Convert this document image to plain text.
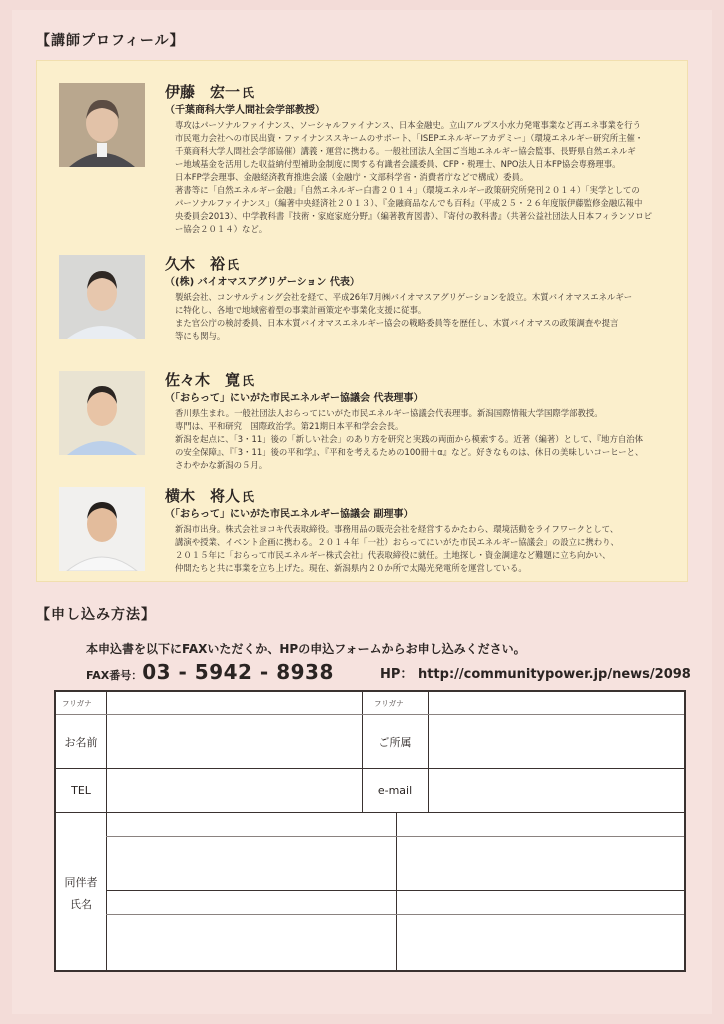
【講師プロフィール】
伊藤　宏一 氏
（千葉商科大学人間社会学部教授）

専攻はパーソナルファイナンス、ソーシャルファイナンス、日本金融史。立山アルプス小水力発電事業など再エネ事業を行う

市民電力会社への市民出資・ファイナンススキームのサポート、「ISEPエネルギーアカデミー」（環境エネルギー研究所主催・

千葉商科大学人間社会学部協催）講義・運営に携わる。一般社団法人全国ご当地エネルギー協会監事、長野県自然エネルギ

ー地域基金を活用した収益納付型補助金制度に関する有識者会議委員、CFP・税理士、NPO法人日本FP協会専務理事。

日本FP学会理事、金融経済教育推進会議（金融庁・文部科学省・消費者庁などで構成）委員。

著書等に「自然エネルギー金融」「自然エネルギー白書２０１４」（環境エネルギー政策研究所発刊２０１４）「実学としての

パーソナルファイナンス」（編著中央経済社２０１３）、『金融商品なんでも百科』（平成２５・２６年度版伊藤監修金融広報中

央委員会2013）、中学教科書『技術・家庭家庭分野』（編著教育図書）、『寄付の教科書』（共著公益社団法人日本フィランソロピ

ー協会２０１４）など。

久木　裕 氏
（(株) バイオマスアグリゲーション 代表）

製紙会社、コンサルティング会社を経て、平成26年7月㈱バイオマスアグリゲーションを設立。木質バイオマスエネルギー

に特化し、各地で地域密着型の事業計画策定や事業化支援に従事。

また官公庁の検討委員、日本木質バイオマスエネルギー協会の戦略委員等を歴任し、木質バイオマスの政策調査や提言

等にも関与。

佐々木　寛 氏
（「おらって」にいがた市民エネルギー協議会 代表理事）

香川県生まれ。一般社団法人おらってにいがた市民エネルギー協議会代表理事。新潟国際情報大学国際学部教授。

専門は、平和研究　国際政治学。第21期日本平和学会会長。

新潟を起点に、「3・11」後の「新しい社会」のあり方を研究と実践の両面から模索する。近著（編著）として、『地方自治体

の安全保障』、『「3・11」後の平和学』、『平和を考えるための100冊＋α』など。好きなものは、休日の美味しいコーヒーと、

さわやかな新潟の５月。

横木　将人 氏
（「おらって」にいがた市民エネルギー協議会 副理事）

新潟市出身。株式会社ヨコキ代表取締役。事務用品の販売会社を経営するかたわら、環境活動をライフワークとして、

講演や授業、イベント企画に携わる。２０１４年「一社）おらってにいがた市民エネルギー協議会」の設立に携わり、

２０１５年に「おらって市民エネルギー株式会社」代表取締役に就任。土地探し・資金調達など難題に立ち向かい、

仲間たちと共に事業を立ち上げた。現在、新潟県内２０か所で太陽光発電所を運営している。

【申し込み方法】
本申込書を以下にFAXいただくか、HPの申込フォームからお申し込みください。
FAX番号：03 - 5942 - 8938	HP： http://communitypower.jp/news/2098
フリガナ	フリガナ
お名前	ご所属
TEL	e-mail
同伴者
氏名
